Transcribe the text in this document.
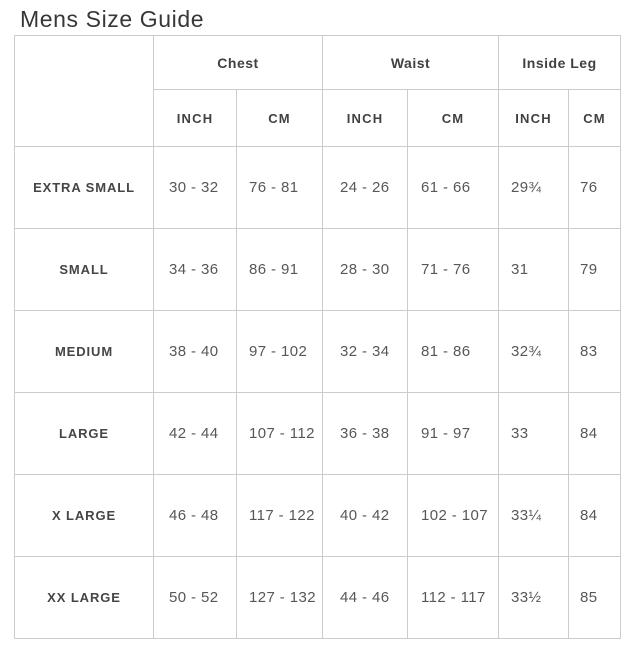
Mens Size Guide
	Chest		Waist		Inside Leg	
	INCH	CM	INCH	CM	INCH	CM
EXTRA SMALL	30 - 32	76 - 81	24 - 26	61 - 66	29¾	76
SMALL	34 - 36	86 - 91	28 - 30	71 - 76	31	79
MEDIUM	38 - 40	97 - 102	32 - 34	81 - 86	32¾	83
LARGE	42 - 44	107 - 112	36 - 38	91 - 97	33	84
X LARGE	46 - 48	117 - 122	40 - 42	102 - 107	33¼	84
XX LARGE	50 - 52	127 - 132	44 - 46	112 - 117	33½	85
